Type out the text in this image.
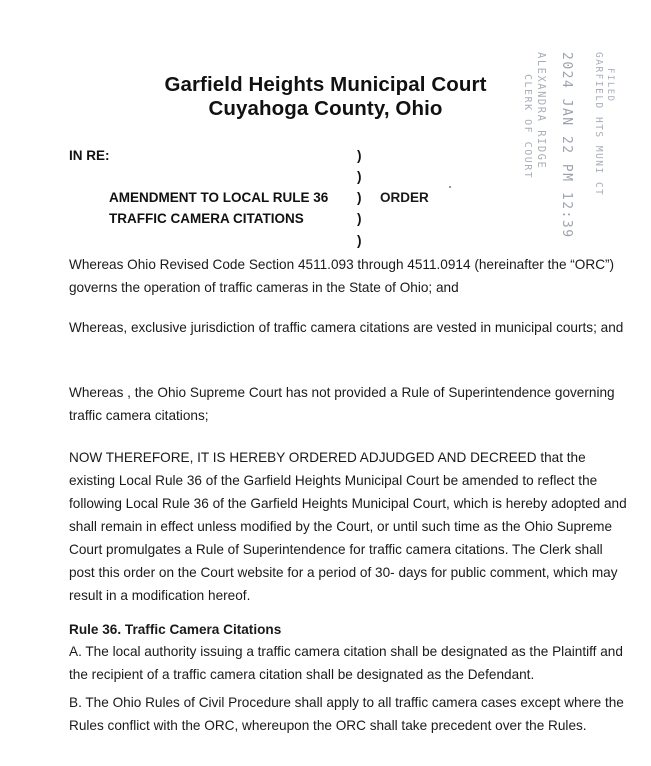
Garfield Heights Municipal Court
Cuyahoga County, Ohio	GARFIELD HTS MUNI CT FILED
2024 JAN 22 PM 12:39
ALEXANDRA RIDGE
CLERK OF COURT
IN RE:	)
)
)
)
)
AMENDMENT TO LOCAL RULE 36
TRAFFIC CAMERA CITATIONS
ORDER
Whereas Ohio Revised Code Section 4511.093 through 4511.0914 (hereinafter the “ORC”) governs the operation of traffic cameras in the State of Ohio; and
Whereas, exclusive jurisdiction of traffic camera citations are vested in municipal courts; and
Whereas , the Ohio Supreme Court has not provided a Rule of Superintendence governing traffic camera citations;
NOW THEREFORE, IT IS HEREBY ORDERED ADJUDGED AND DECREED that the existing Local Rule 36 of the Garfield Heights Municipal Court be amended to reflect the following Local Rule 36 of the Garfield Heights Municipal Court, which is hereby adopted and shall remain in effect unless modified by the Court, or until such time as the Ohio Supreme Court promulgates a Rule of Superintendence for traffic camera citations. The Clerk shall post this order on the Court website for a period of 30- days for public comment, which may result in a modification hereof.
Rule 36. Traffic Camera Citations
A. The local authority issuing a traffic camera citation shall be designated as the Plaintiff and the recipient of a traffic camera citation shall be designated as the Defendant.
B. The Ohio Rules of Civil Procedure shall apply to all traffic camera cases except where the Rules conflict with the ORC, whereupon the ORC shall take precedent over the Rules.
